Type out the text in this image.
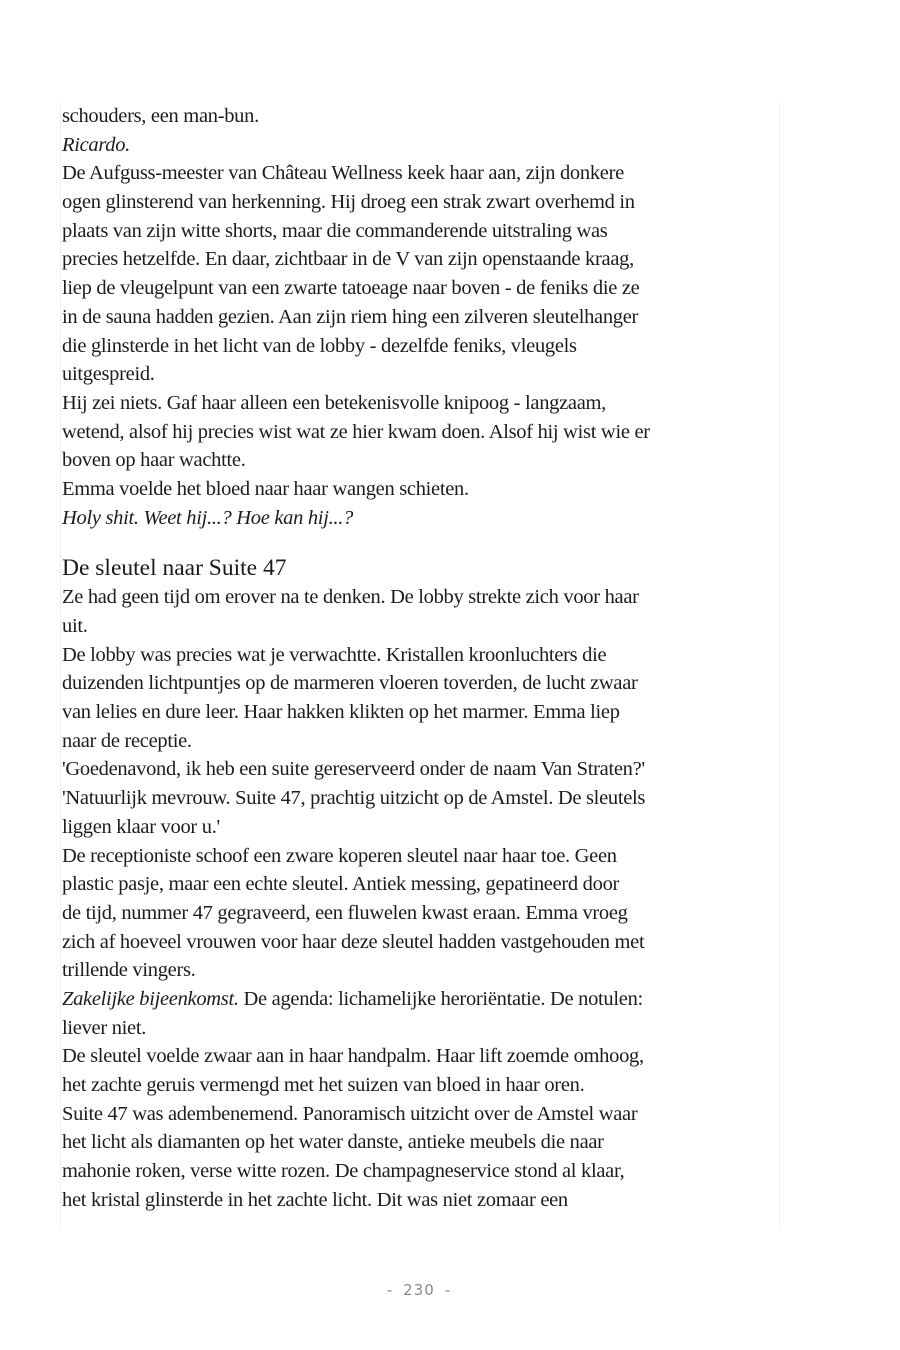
schouders, een man-bun.
Ricardo.
De Aufguss-meester van Château Wellness keek haar aan, zijn donkere
ogen glinsterend van herkenning. Hij droeg een strak zwart overhemd in
plaats van zijn witte shorts, maar die commanderende uitstraling was
precies hetzelfde. En daar, zichtbaar in de V van zijn openstaande kraag,
liep de vleugelpunt van een zwarte tatoeage naar boven - de feniks die ze
in de sauna hadden gezien. Aan zijn riem hing een zilveren sleutelhanger
die glinsterde in het licht van de lobby - dezelfde feniks, vleugels
uitgespreid.
Hij zei niets. Gaf haar alleen een betekenisvolle knipoog - langzaam,
wetend, alsof hij precies wist wat ze hier kwam doen. Alsof hij wist wie er
boven op haar wachtte.
Emma voelde het bloed naar haar wangen schieten.
Holy shit. Weet hij...? Hoe kan hij...?
De sleutel naar Suite 47
Ze had geen tijd om erover na te denken. De lobby strekte zich voor haar
uit.
De lobby was precies wat je verwachtte. Kristallen kroonluchters die
duizenden lichtpuntjes op de marmeren vloeren toverden, de lucht zwaar
van lelies en dure leer. Haar hakken klikten op het marmer. Emma liep
naar de receptie.
'Goedenavond, ik heb een suite gereserveerd onder de naam Van Straten?'
'Natuurlijk mevrouw. Suite 47, prachtig uitzicht op de Amstel. De sleutels
liggen klaar voor u.'
De receptioniste schoof een zware koperen sleutel naar haar toe. Geen
plastic pasje, maar een echte sleutel. Antiek messing, gepatineerd door
de tijd, nummer 47 gegraveerd, een fluwelen kwast eraan. Emma vroeg
zich af hoeveel vrouwen voor haar deze sleutel hadden vastgehouden met
trillende vingers.
Zakelijke bijeenkomst. De agenda: lichamelijke heroriëntatie. De notulen:
liever niet.
De sleutel voelde zwaar aan in haar handpalm. Haar lift zoemde omhoog,
het zachte geruis vermengd met het suizen van bloed in haar oren.
Suite 47 was adembenemend. Panoramisch uitzicht over de Amstel waar
het licht als diamanten op het water danste, antieke meubels die naar
mahonie roken, verse witte rozen. De champagneservice stond al klaar,
het kristal glinsterde in het zachte licht. Dit was niet zomaar een
- 230 -
